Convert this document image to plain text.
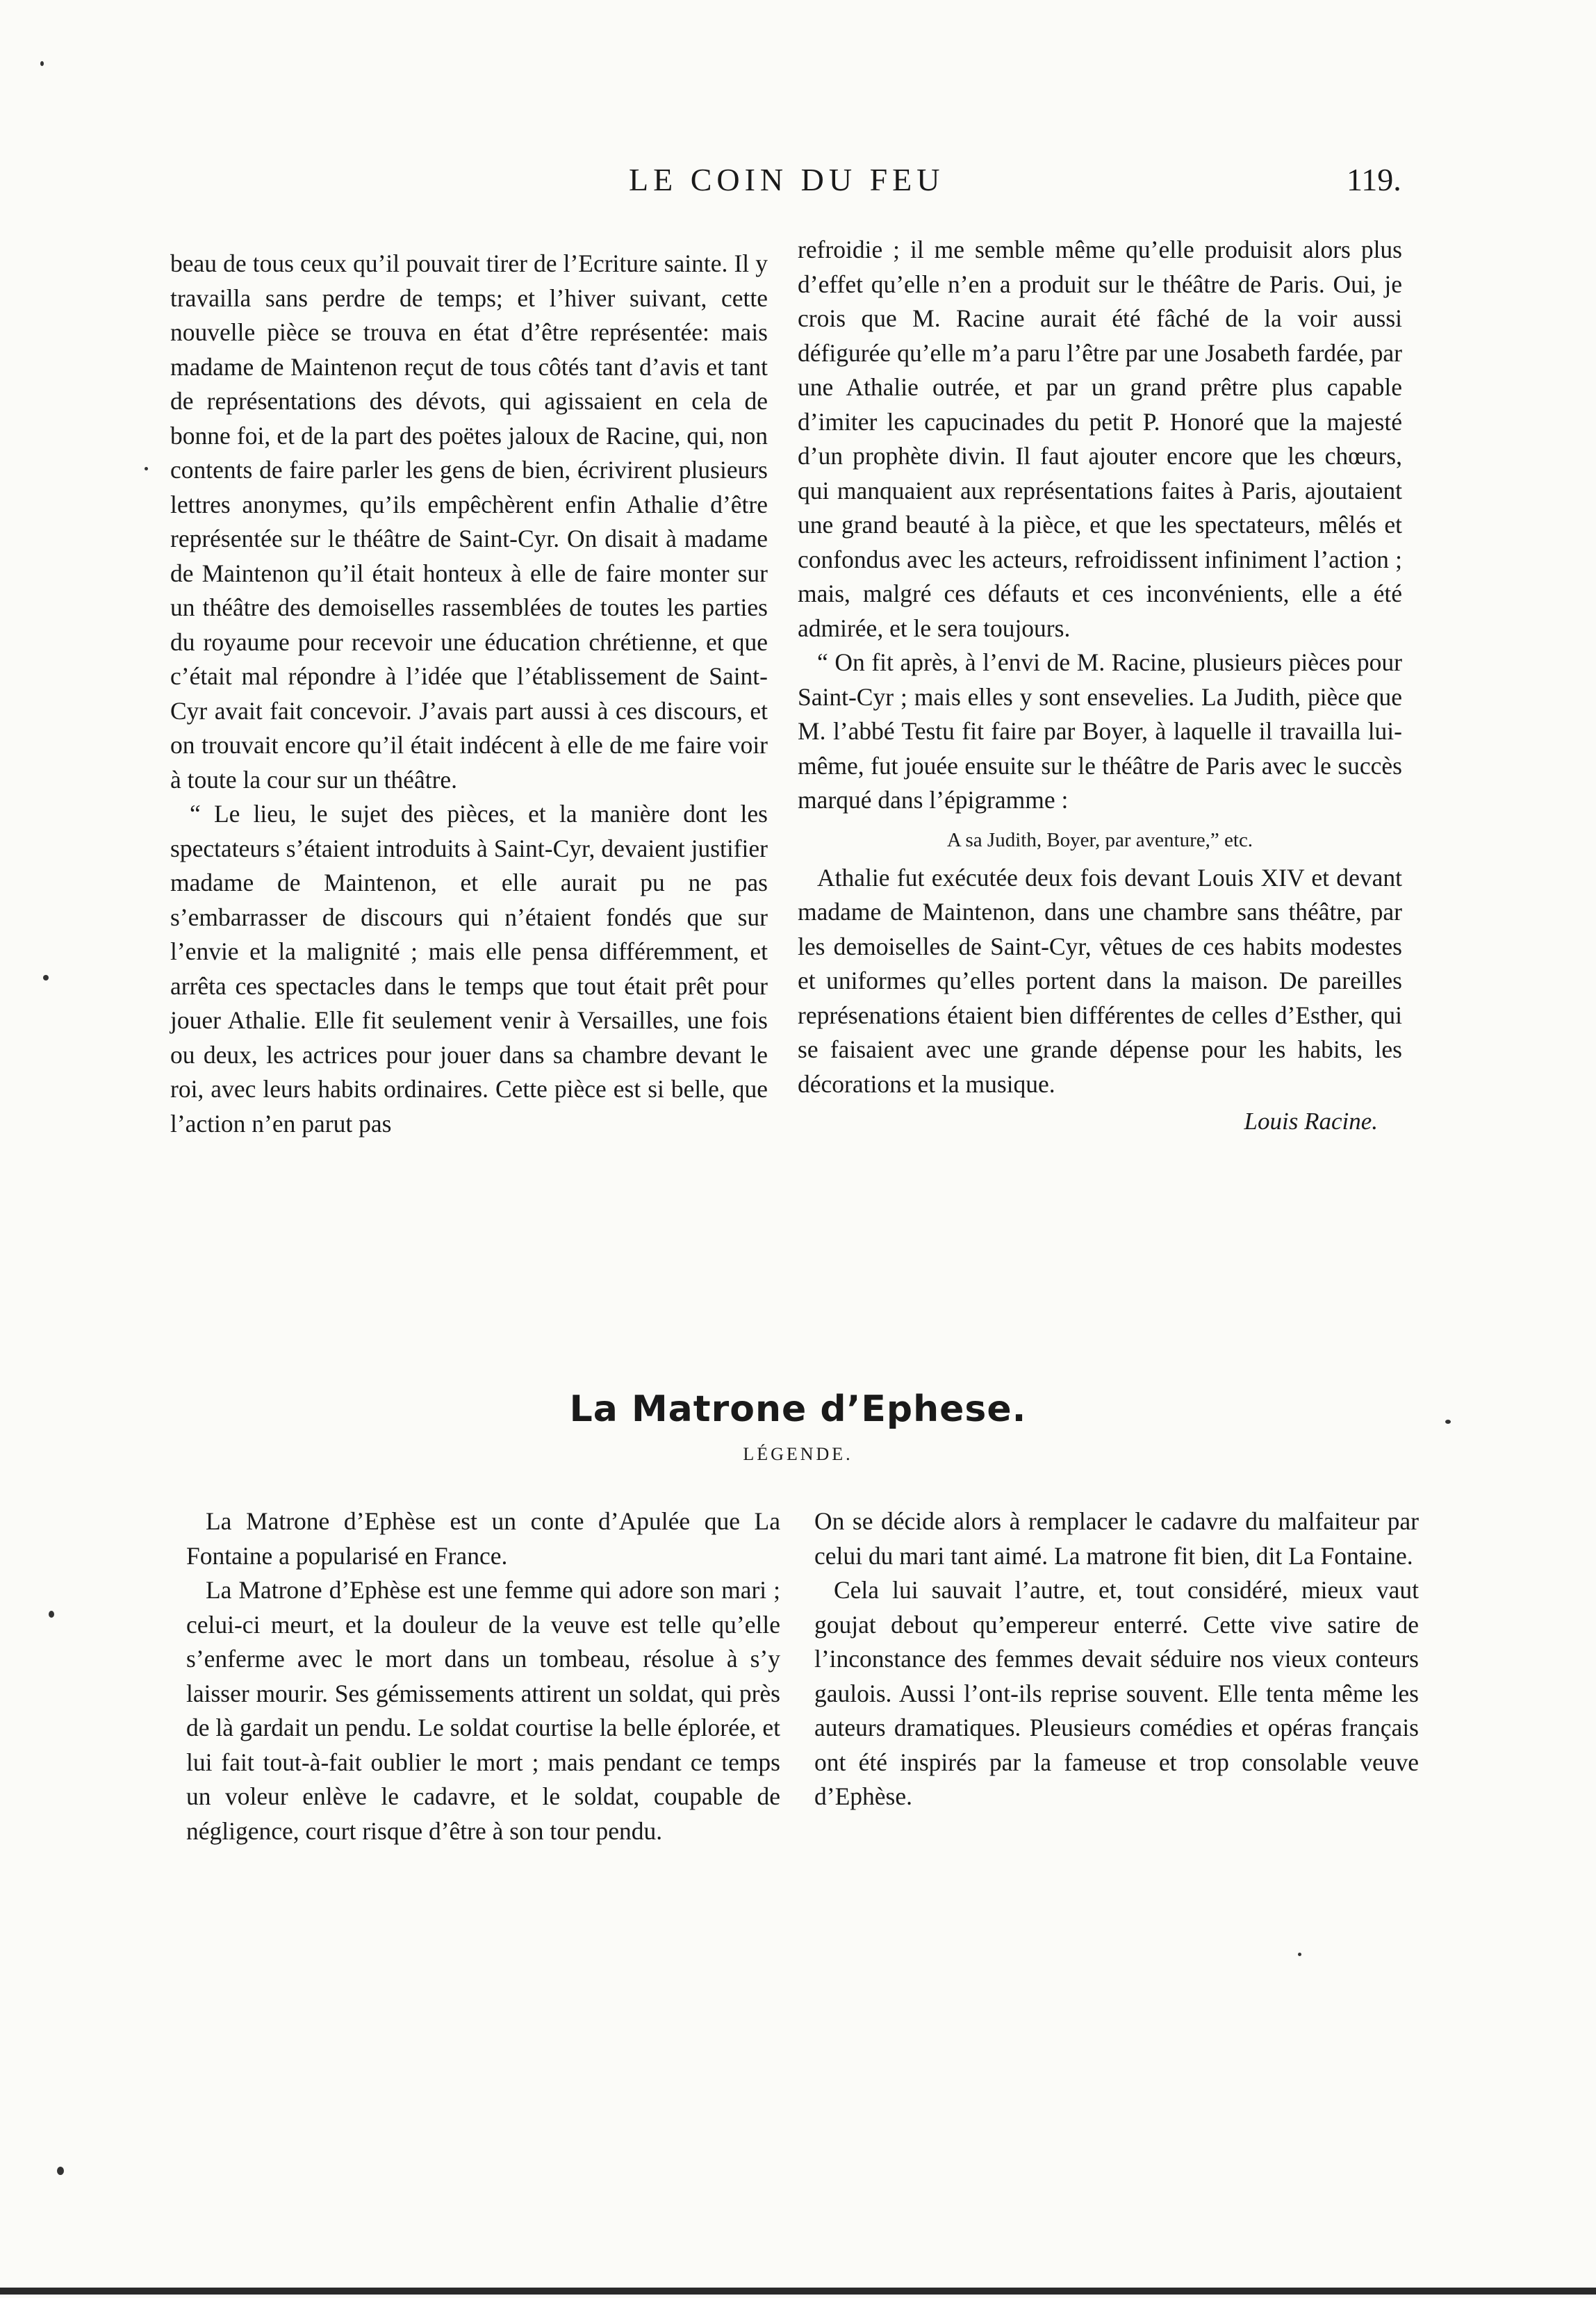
LE COIN DU FEU	119.

beau de tous ceux qu’il pouvait tirer de l’Ecriture sainte. Il y travailla sans perdre de temps; et l’hiver suivant, cette nouvelle pièce se trouva en état d’être représentée: mais madame de Maintenon reçut de tous côtés tant d’avis et tant de représentations des dévots, qui agissaient en cela de bonne foi, et de la part des poëtes jaloux de Racine, qui, non contents de faire parler les gens de bien, écrivirent plusieurs lettres anonymes, qu’ils empêchèrent enfin Athalie d’être représentée sur le théâtre de Saint-Cyr. On disait à madame de Maintenon qu’il était honteux à elle de faire monter sur un théâtre des demoiselles rassemblées de toutes les parties du royaume pour recevoir une éducation chrétienne, et que c’était mal répondre à l’idée que l’établissement de Saint-Cyr avait fait concevoir. J’avais part aussi à ces discours, et on trouvait encore qu’il était indécent à elle de me faire voir à toute la cour sur un théâtre.

“ Le lieu, le sujet des pièces, et la manière dont les spectateurs s’étaient introduits à Saint-Cyr, devaient justifier madame de Maintenon, et elle aurait pu ne pas s’embarrasser de discours qui n’étaient fondés que sur l’envie et la malignité ; mais elle pensa différemment, et arrêta ces spectacles dans le temps que tout était prêt pour jouer Athalie. Elle fit seulement venir à Versailles, une fois ou deux, les actrices pour jouer dans sa chambre devant le roi, avec leurs habits ordinaires. Cette pièce est si belle, que l’action n’en parut pas

refroidie ; il me semble même qu’elle produisit alors plus d’effet qu’elle n’en a produit sur le théâtre de Paris. Oui, je crois que M. Racine aurait été fâché de la voir aussi défigurée qu’elle m’a paru l’être par une Josabeth fardée, par une Athalie outrée, et par un grand prêtre plus capable d’imiter les capucinades du petit P. Honoré que la majesté d’un prophète divin. Il faut ajouter encore que les chœurs, qui manquaient aux représentations faites à Paris, ajoutaient une grand beauté à la pièce, et que les spectateurs, mêlés et confondus avec les acteurs, refroidissent infiniment l’action ; mais, malgré ces défauts et ces inconvénients, elle a été admirée, et le sera toujours.

“ On fit après, à l’envi de M. Racine, plusieurs pièces pour Saint-Cyr ; mais elles y sont ensevelies. La Judith, pièce que M. l’abbé Testu fit faire par Boyer, à laquelle il travailla lui-même, fut jouée ensuite sur le théâtre de Paris avec le succès marqué dans l’épigramme :

A sa Judith, Boyer, par aventure,” etc.

Athalie fut exécutée deux fois devant Louis XIV et devant madame de Maintenon, dans une chambre sans théâtre, par les demoiselles de Saint-Cyr, vêtues de ces habits modestes et uniformes qu’elles portent dans la maison. De pareilles représenations étaient bien différentes de celles d’Esther, qui se faisaient avec une grande dépense pour les habits, les décorations et la musique.

Louis Racine.

La Matrone d’Ephese.
LÉGENDE.

La Matrone d’Ephèse est un conte d’Apulée que La Fontaine a popularisé en France.

La Matrone d’Ephèse est une femme qui adore son mari ; celui-ci meurt, et la douleur de la veuve est telle qu’elle s’enferme avec le mort dans un tombeau, résolue à s’y laisser mourir. Ses gémissements attirent un soldat, qui près de là gardait un pendu. Le soldat courtise la belle éplorée, et lui fait tout-à-fait oublier le mort ; mais pendant ce temps un voleur enlève le cadavre, et le soldat, coupable de négligence, court risque d’être à son tour pendu.

On se décide alors à remplacer le cadavre du malfaiteur par celui du mari tant aimé. La matrone fit bien, dit La Fontaine.

Cela lui sauvait l’autre, et, tout considéré, mieux vaut goujat debout qu’empereur enterré. Cette vive satire de l’inconstance des femmes devait séduire nos vieux conteurs gaulois. Aussi l’ont-ils reprise souvent. Elle tenta même les auteurs dramatiques. Pleusieurs comédies et opéras français ont été inspirés par la fameuse et trop consolable veuve d’Ephèse.
